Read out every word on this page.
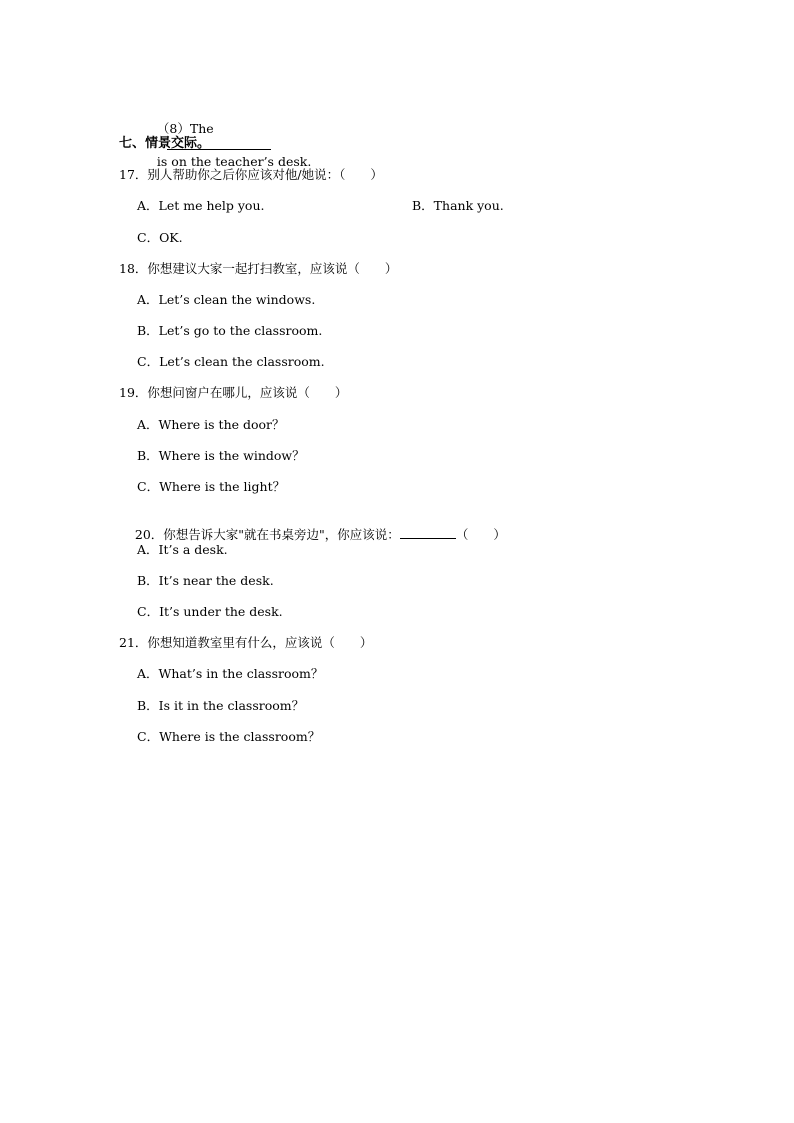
（8）The

is on the teacher’s desk.

七、情景交际。
17．别人帮助你之后你应该对他/她说：（　　）
A．Let me help you.	B．Thank you.
C．OK.
18．你想建议大家一起打扫教室，应该说（　　）
A．Let’s clean the windows.
B．Let’s go to the classroom.
C．Let’s clean the classroom.
19．你想问窗户在哪儿，应该说（　　）
A．Where is the door？
B．Where is the window？
C．Where is the light？

20．你想告诉大家"就在书桌旁边"，你应该说：	（　　）

A．It’s a desk.
B．It’s near the desk.
C．It’s under the desk.
21．你想知道教室里有什么，应该说（　　）
A．What’s in the classroom？
B．Is it in the classroom？
C．Where is the classroom？
